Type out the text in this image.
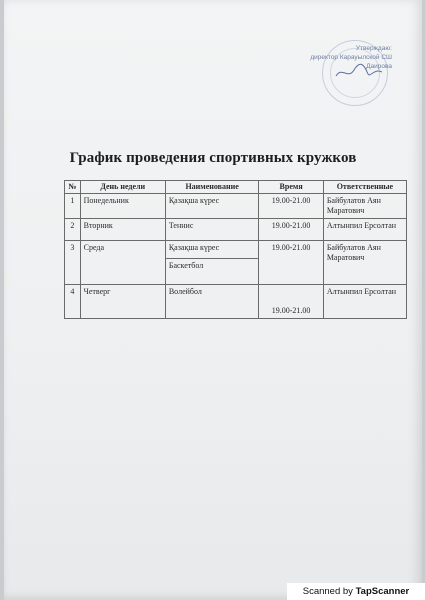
Утверждаю:
директор Карауылской СШ
Даирова
График проведения спортивных кружков
№	День недели	Наименование	Время	Ответственные
1	Понедельник	Қазақша күрес	19.00-21.00	Байбулатов Аян Маратович
2	Вторник	Теннис	19.00-21.00	Алтынпил Ерсолтан
3	Среда	Қазақша күрес	19.00-21.00	Байбулатов Аян Маратович
		Баскетбол		
4	Четверг	Волейбол	19.00-21.00	Алтынпил Ерсолтан
Scanned by TapScanner
